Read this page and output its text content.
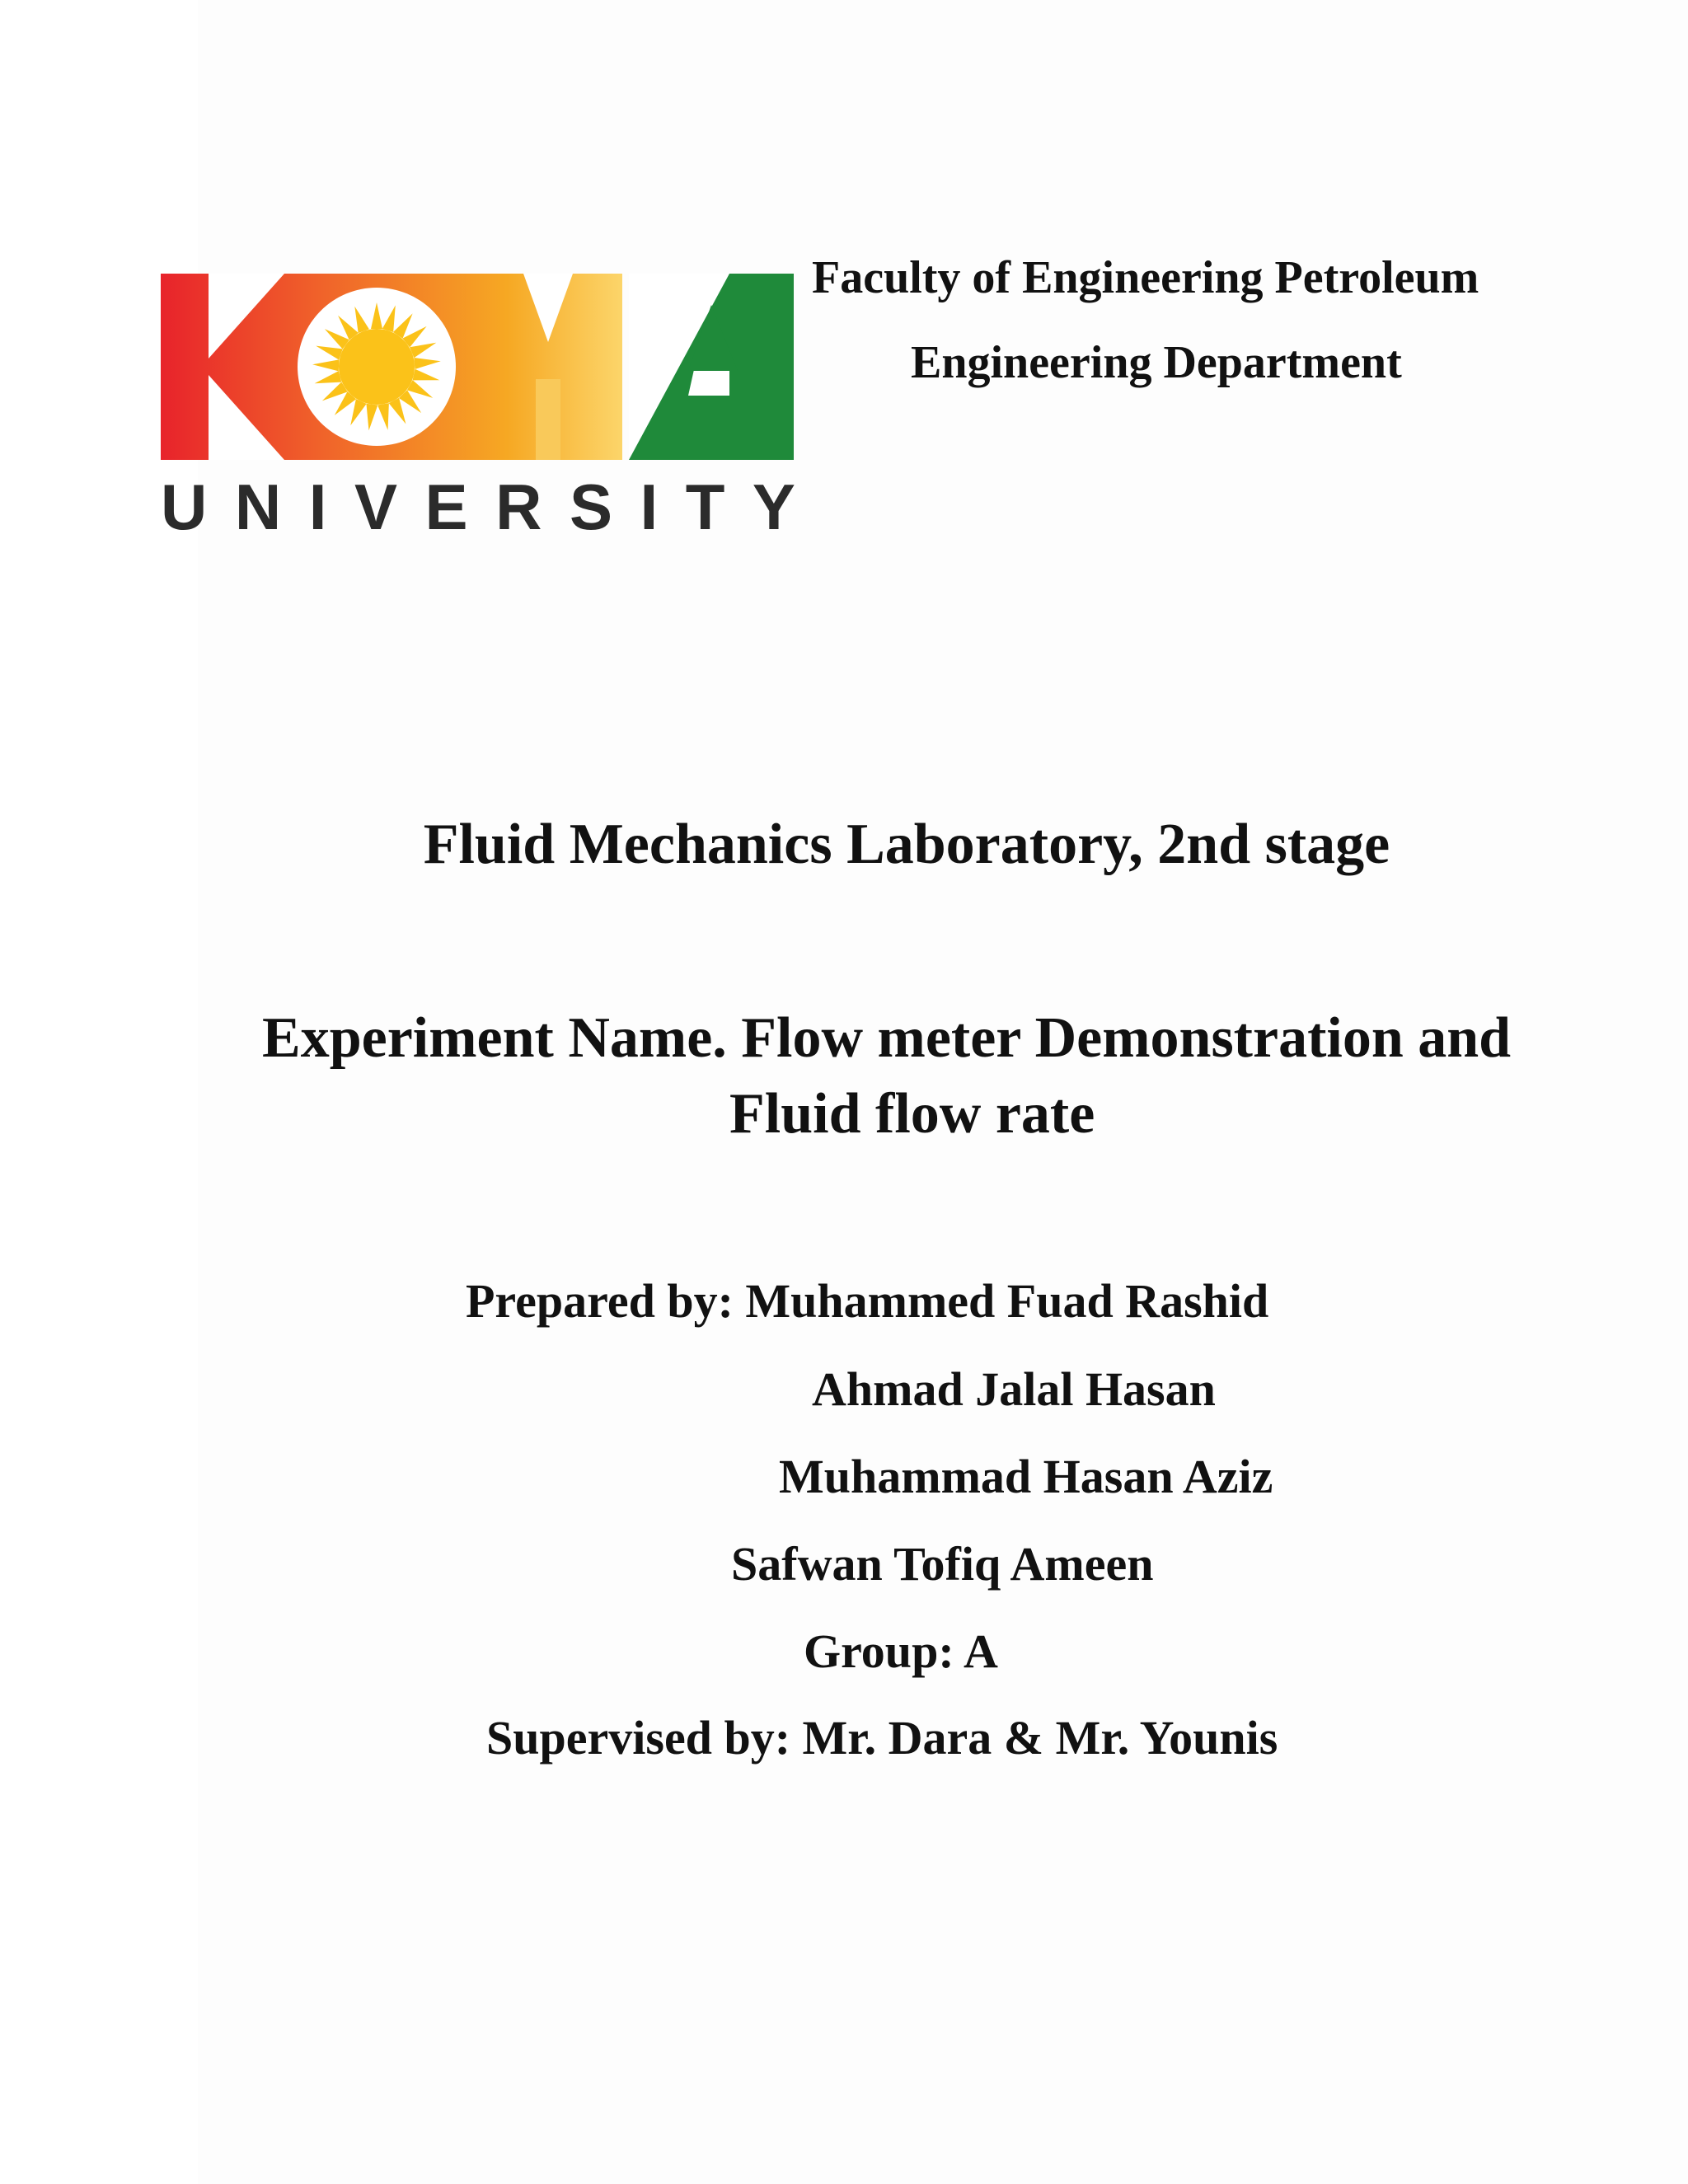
U N I V E R S I T Y
Faculty of Engineering Petroleum
Engineering Department
Fluid Mechanics Laboratory, 2nd stage
Experiment Name. Flow meter Demonstration and
Fluid flow rate
Prepared by: Muhammed Fuad Rashid
Ahmad Jalal Hasan
Muhammad Hasan Aziz
Safwan Tofiq Ameen
Group: A
Supervised by: Mr. Dara & Mr. Younis
